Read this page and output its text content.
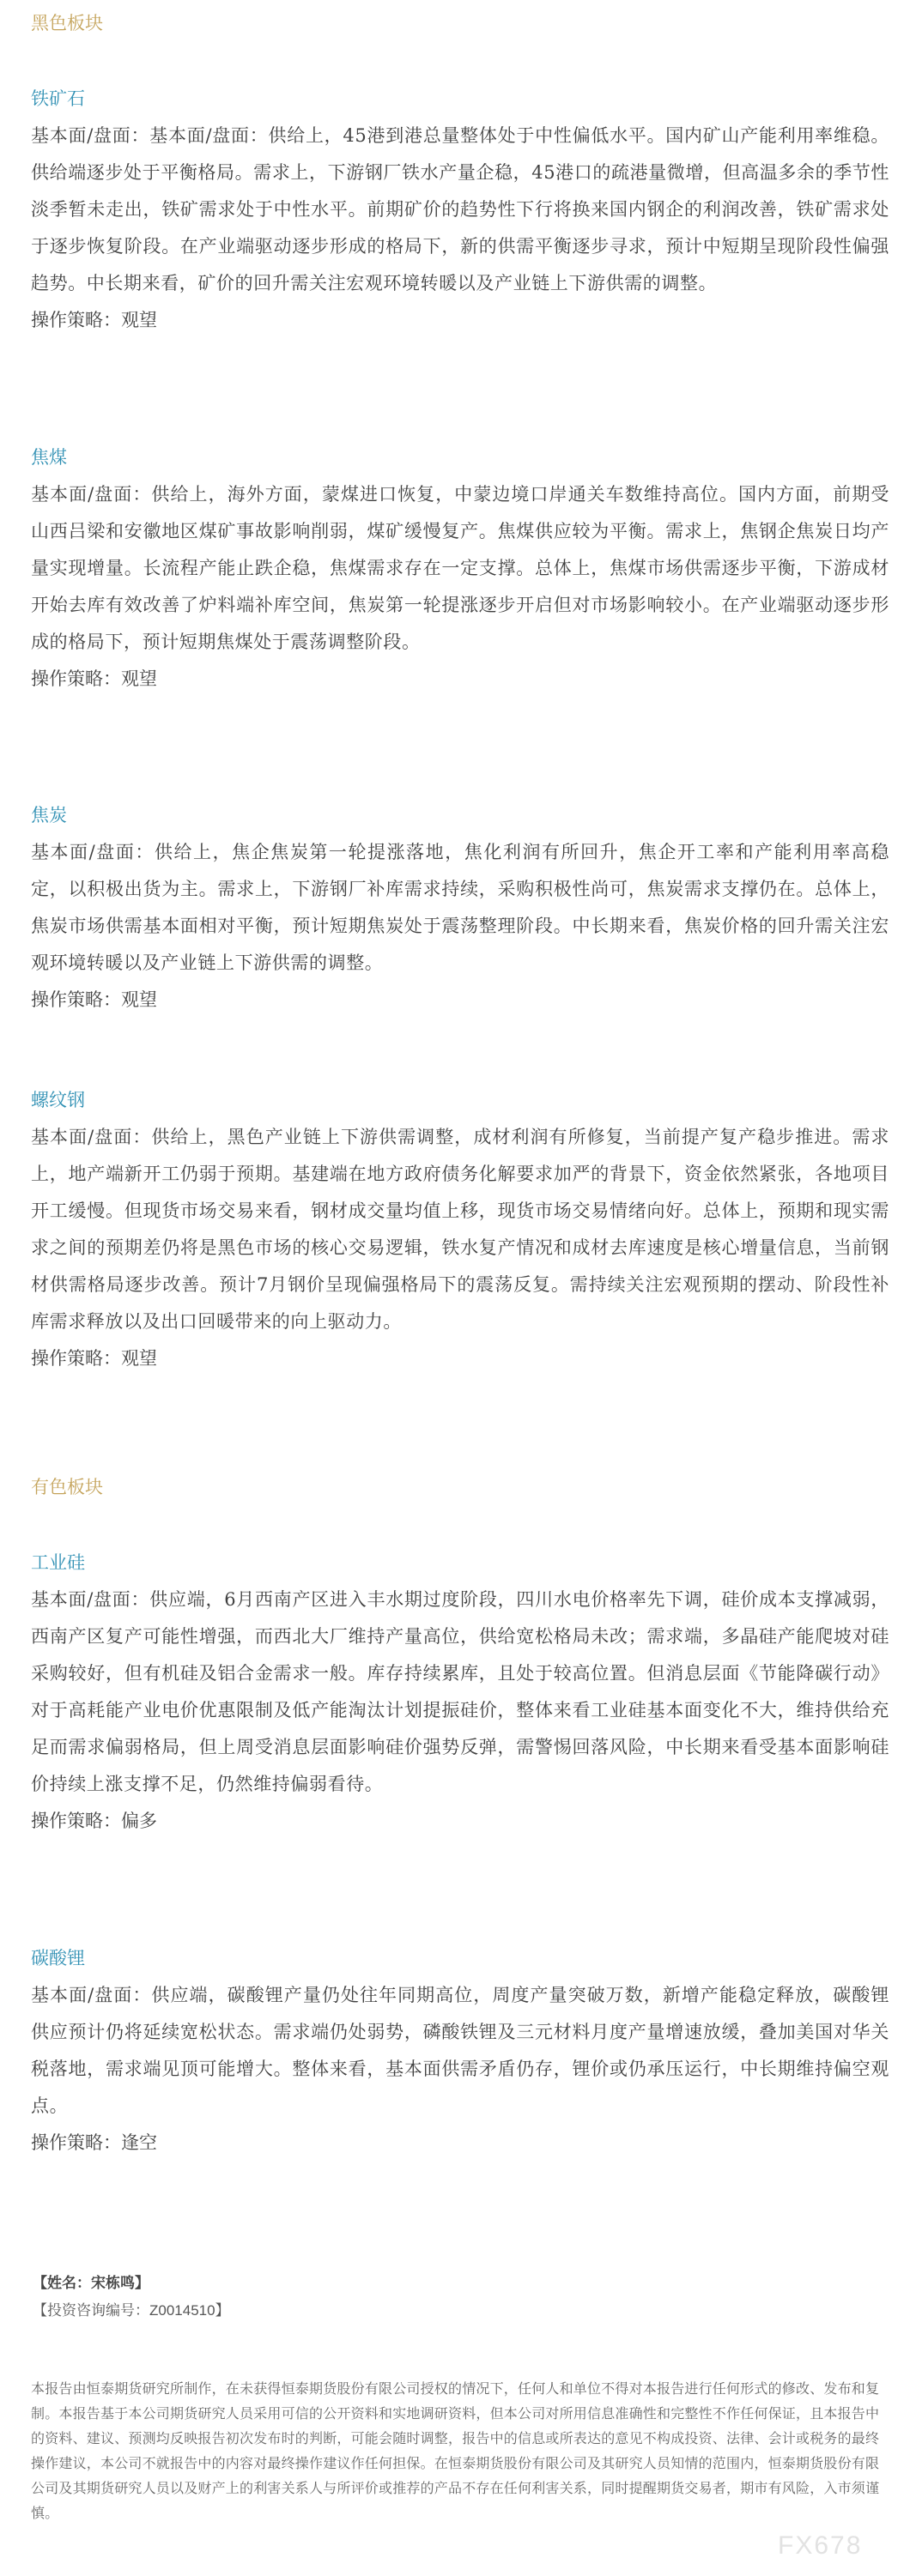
黑色板块

铁矿石

基本面/盘面：基本面/盘面：供给上，45港到港总量整体处于中性偏低水平。国内矿山产能利用率维稳。供给端逐步处于平衡格局。需求上，下游钢厂铁水产量企稳，45港口的疏港量微增，但高温多余的季节性淡季暂未走出，铁矿需求处于中性水平。前期矿价的趋势性下行将换来国内钢企的利润改善，铁矿需求处于逐步恢复阶段。在产业端驱动逐步形成的格局下，新的供需平衡逐步寻求，预计中短期呈现阶段性偏强趋势。中长期来看，矿价的回升需关注宏观环境转暖以及产业链上下游供需的调整。

操作策略：观望

焦煤

基本面/盘面：供给上，海外方面，蒙煤进口恢复，中蒙边境口岸通关车数维持高位。国内方面，前期受山西吕梁和安徽地区煤矿事故影响削弱，煤矿缓慢复产。焦煤供应较为平衡。需求上，焦钢企焦炭日均产量实现增量。长流程产能止跌企稳，焦煤需求存在一定支撑。总体上，焦煤市场供需逐步平衡，下游成材开始去库有效改善了炉料端补库空间，焦炭第一轮提涨逐步开启但对市场影响较小。在产业端驱动逐步形成的格局下，预计短期焦煤处于震荡调整阶段。

操作策略：观望

焦炭

基本面/盘面：供给上，焦企焦炭第一轮提涨落地，焦化利润有所回升，焦企开工率和产能利用率高稳定，以积极出货为主。需求上，下游钢厂补库需求持续，采购积极性尚可，焦炭需求支撑仍在。总体上，焦炭市场供需基本面相对平衡，预计短期焦炭处于震荡整理阶段。中长期来看，焦炭价格的回升需关注宏观环境转暖以及产业链上下游供需的调整。

操作策略：观望

螺纹钢

基本面/盘面：供给上，黑色产业链上下游供需调整，成材利润有所修复，当前提产复产稳步推进。需求上，地产端新开工仍弱于预期。基建端在地方政府债务化解要求加严的背景下，资金依然紧张，各地项目开工缓慢。但现货市场交易来看，钢材成交量均值上移，现货市场交易情绪向好。总体上，预期和现实需求之间的预期差仍将是黑色市场的核心交易逻辑，铁水复产情况和成材去库速度是核心增量信息，当前钢材供需格局逐步改善。预计7月钢价呈现偏强格局下的震荡反复。需持续关注宏观预期的摆动、阶段性补库需求释放以及出口回暖带来的向上驱动力。

操作策略：观望

有色板块

工业硅

基本面/盘面：供应端，6月西南产区进入丰水期过度阶段，四川水电价格率先下调，硅价成本支撑减弱，西南产区复产可能性增强，而西北大厂维持产量高位，供给宽松格局未改；需求端，多晶硅产能爬坡对硅采购较好，但有机硅及铝合金需求一般。库存持续累库，且处于较高位置。但消息层面《节能降碳行动》对于高耗能产业电价优惠限制及低产能淘汰计划提振硅价，整体来看工业硅基本面变化不大，维持供给充足而需求偏弱格局，但上周受消息层面影响硅价强势反弹，需警惕回落风险，中长期来看受基本面影响硅价持续上涨支撑不足，仍然维持偏弱看待。

操作策略：偏多

碳酸锂

基本面/盘面：供应端，碳酸锂产量仍处往年同期高位，周度产量突破万数，新增产能稳定释放，碳酸锂供应预计仍将延续宽松状态。需求端仍处弱势，磷酸铁锂及三元材料月度产量增速放缓，叠加美国对华关税落地，需求端见顶可能增大。整体来看，基本面供需矛盾仍存，锂价或仍承压运行，中长期维持偏空观点。

操作策略：逢空

【姓名：宋栋鸣】
【投资咨询编号：Z0014510】
本报告由恒泰期货研究所制作，在未获得恒泰期货股份有限公司授权的情况下，任何人和单位不得对本报告进行任何形式的修改、发布和复制。本报告基于本公司期货研究人员采用可信的公开资料和实地调研资料，但本公司对所用信息准确性和完整性不作任何保证，且本报告中的资料、建议、预测均反映报告初次发布时的判断，可能会随时调整，报告中的信息或所表达的意见不构成投资、法律、会计或税务的最终操作建议，本公司不就报告中的内容对最终操作建议作任何担保。在恒泰期货股份有限公司及其研究人员知情的范围内，恒泰期货股份有限公司及其期货研究人员以及财产上的利害关系人与所评价或推荐的产品不存在任何利害关系，同时提醒期货交易者，期市有风险，入市须谨慎。
FX678
